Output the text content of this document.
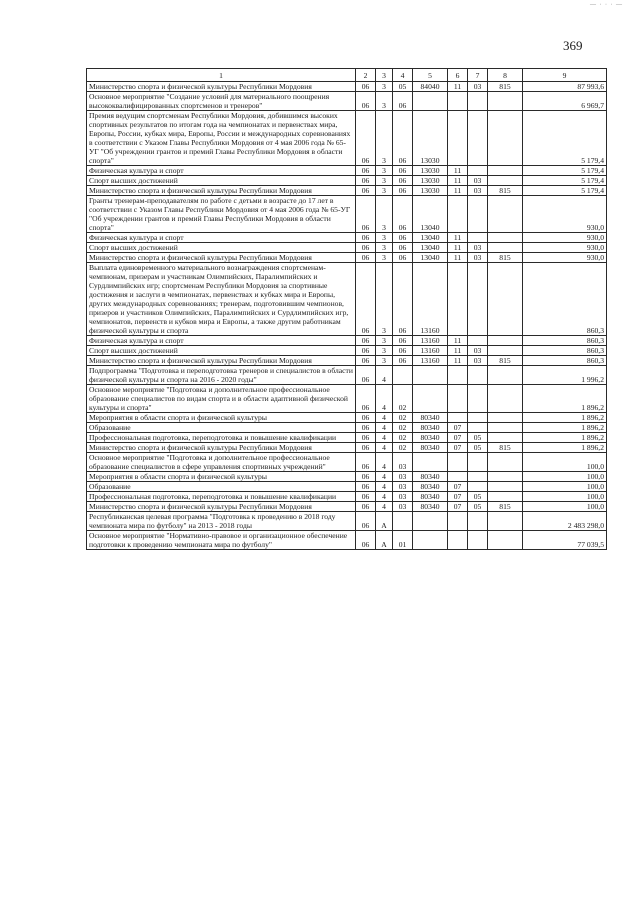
— · · · —
369
1	2	3	4	5	6	7	8	9
Министерство спорта и физической культуры Республики Мордовия	06	3	05	84040	11	03	815	87 993,6
Основное мероприятие "Создание условий для материального поощрения высококвалифицированных спортсменов и тренеров"	06	3	06					6 969,7
Премия ведущим спортсменам Республики Мордовия, добившимся высоких спортивных результатов по итогам года на чемпионатах и первенствах мира, Европы, России, кубках мира, Европы, России и международных соревнованиях в соответствии с Указом Главы Республики Мордовия от 4 мая 2006 года № 65-УГ "Об учреждении грантов и премий Главы Республики Мордовия в области спорта"	06	3	06	13030				5 179,4
Физическая культура и спорт	06	3	06	13030	11			5 179,4
Спорт высших достижений	06	3	06	13030	11	03		5 179,4
Министерство спорта и физической культуры Республики Мордовия	06	3	06	13030	11	03	815	5 179,4
Гранты тренерам-преподавателям по работе с детьми в возрасте до 17 лет в соответствии с Указом Главы Республики Мордовия от 4 мая 2006 года № 65-УГ "Об учреждении грантов и премий Главы Республики Мордовия в области спорта"	06	3	06	13040				930,0
Физическая культура и спорт	06	3	06	13040	11			930,0
Спорт высших достижений	06	3	06	13040	11	03		930,0
Министерство спорта и физической культуры Республики Мордовия	06	3	06	13040	11	03	815	930,0
Выплата единовременного материального вознаграждения спортсменам-чемпионам, призерам и участникам Олимпийских, Паралимпийских и Сурдлимпийских игр; спортсменам Республики Мордовия за спортивные достижения и заслуги в чемпионатах, первенствах и кубках мира и Европы, других международных соревнованиях; тренерам, подготовившим чемпионов, призеров и участников Олимпийских, Паралимпийских и Сурдлимпийских игр, чемпионатов, первенств и кубков мира и Европы, а также другим работникам физической культуры и спорта	06	3	06	13160				860,3
Физическая культура и спорт	06	3	06	13160	11			860,3
Спорт высших достижений	06	3	06	13160	11	03		860,3
Министерство спорта и физической культуры Республики Мордовия	06	3	06	13160	11	03	815	860,3
Подпрограмма "Подготовка и переподготовка тренеров и специалистов в области физической культуры и спорта на 2016 - 2020 годы"	06	4						1 996,2
Основное мероприятие "Подготовка и дополнительное профессиональное образование специалистов по видам спорта и в области адаптивной физической культуры и спорта"	06	4	02					1 896,2
Мероприятия в области спорта и физической культуры	06	4	02	80340				1 896,2
Образование	06	4	02	80340	07			1 896,2
Профессиональная подготовка, переподготовка и повышение квалификации	06	4	02	80340	07	05		1 896,2
Министерство спорта и физической культуры Республики Мордовия	06	4	02	80340	07	05	815	1 896,2
Основное мероприятие "Подготовка и дополнительное профессиональное образование специалистов в сфере управления спортивных учреждений"	06	4	03					100,0
Мероприятия в области спорта и физической культуры	06	4	03	80340				100,0
Образование	06	4	03	80340	07			100,0
Профессиональная подготовка, переподготовка и повышение квалификации	06	4	03	80340	07	05		100,0
Министерство спорта и физической культуры Республики Мордовия	06	4	03	80340	07	05	815	100,0
Республиканская целевая программа "Подготовка к проведению в 2018 году чемпионата мира по футболу" на 2013 - 2018 годы	06	А						2 483 298,0
Основное мероприятие "Нормативно-правовое и организационное обеспечение подготовки к проведению чемпионата мира по футболу"	06	А	01					77 039,5
